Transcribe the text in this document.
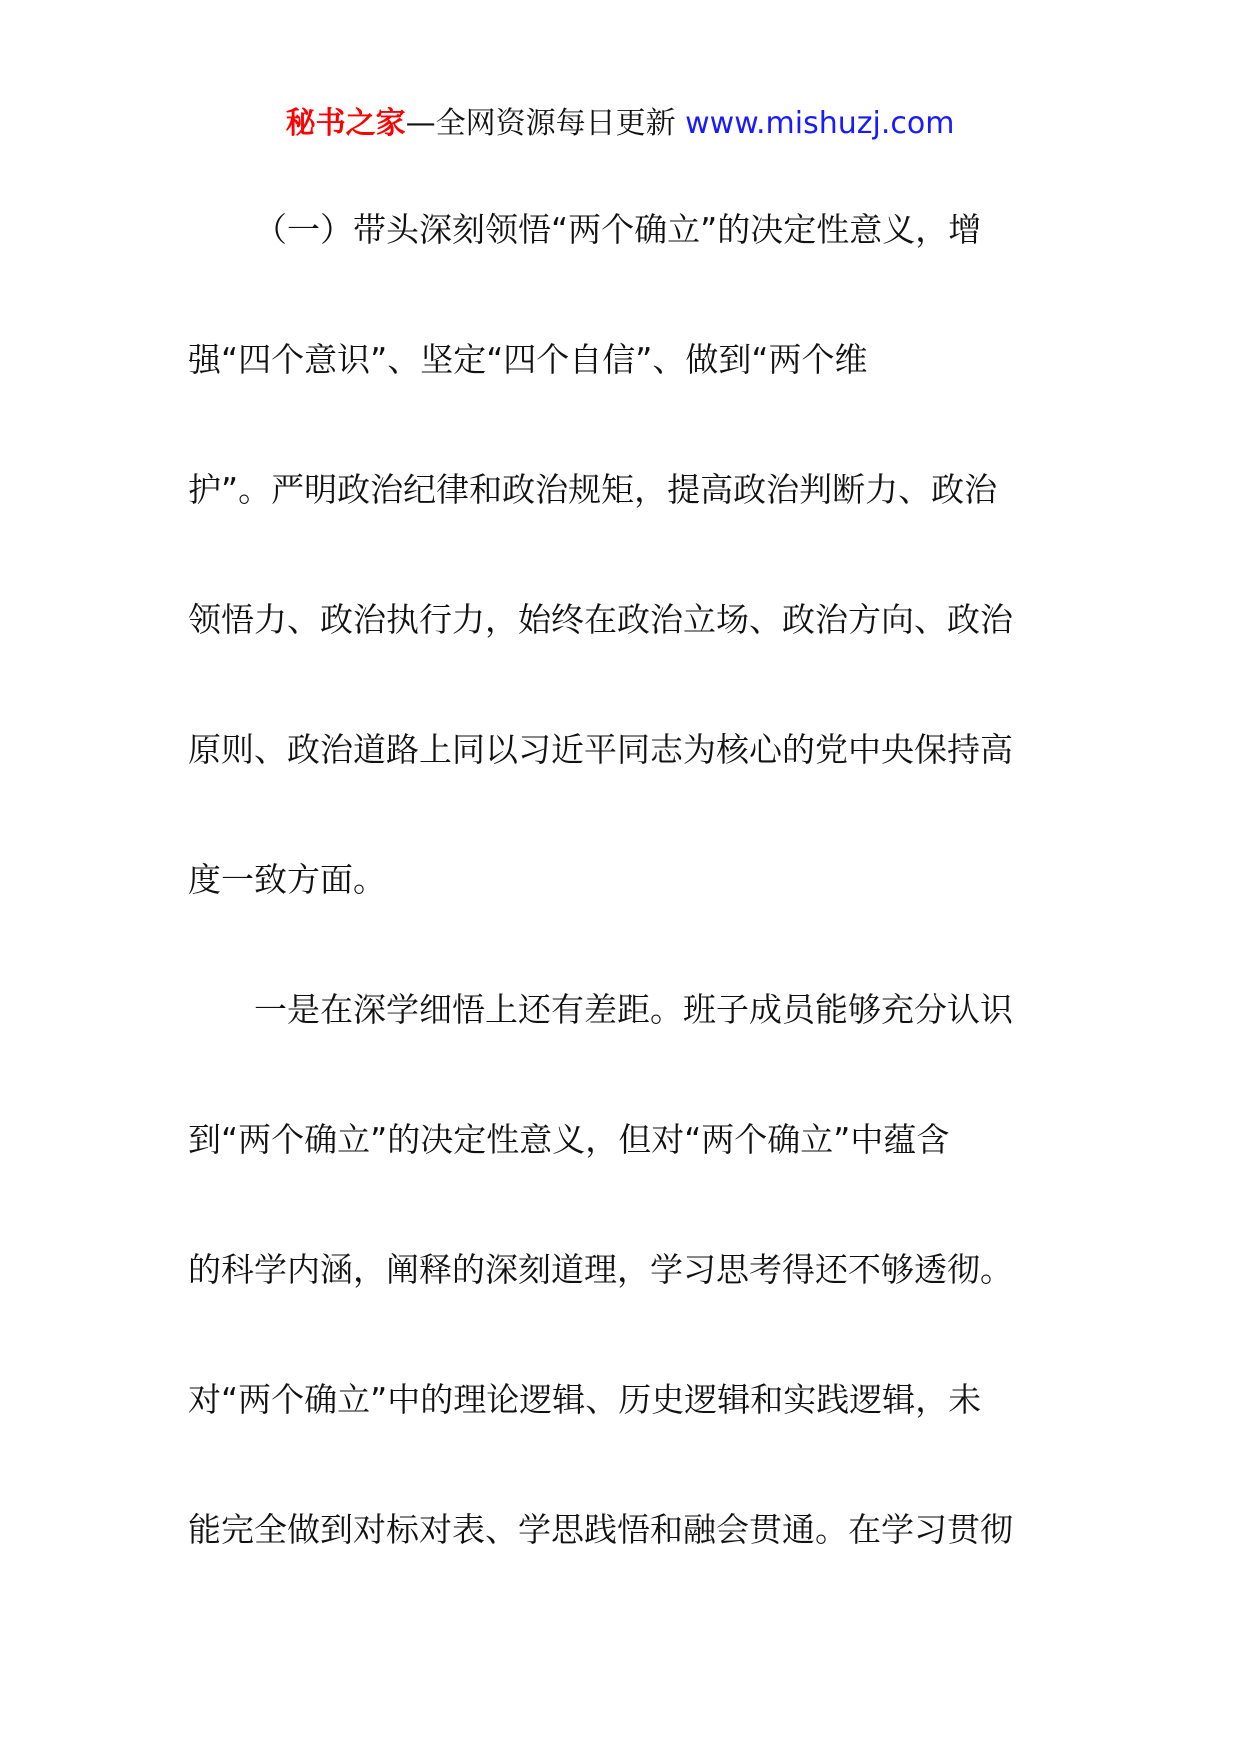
秘书之家—全网资源每日更新 www.mishuzj.com
（一）带头深刻领悟“两个确立”的决定性意义，增
强“四个意识”、坚定“四个自信”、做到“两个维
护”。严明政治纪律和政治规矩，提高政治判断力、政治
领悟力、政治执行力，始终在政治立场、政治方向、政治
原则、政治道路上同以习近平同志为核心的党中央保持高
度一致方面。
一是在深学细悟上还有差距。班子成员能够充分认识
到“两个确立”的决定性意义，但对“两个确立”中蕴含
的科学内涵，阐释的深刻道理，学习思考得还不够透彻。
对“两个确立”中的理论逻辑、历史逻辑和实践逻辑，未
能完全做到对标对表、学思践悟和融会贯通。在学习贯彻
